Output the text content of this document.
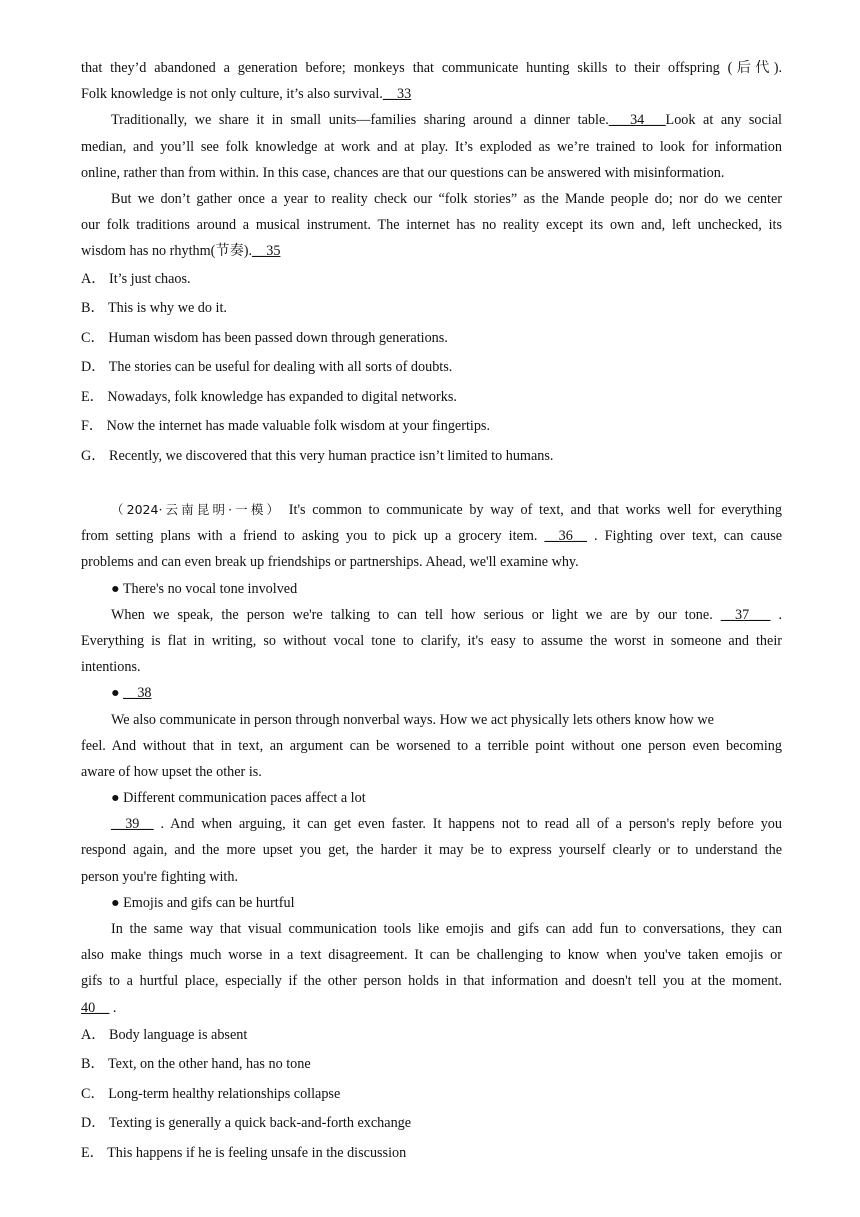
that they’d abandoned a generation before; monkeys that communicate hunting skills to their offspring (后代).
Folk knowledge is not only culture, it’s also survival.__33
Traditionally, we share it in small units—families sharing around a dinner table.___34___Look at any social
median, and you’ll see folk knowledge at work and at play. It’s exploded as we’re trained to look for information
online, rather than from within. In this case, chances are that our questions can be answered with misinformation.
But we don’t gather once a year to reality check our “folk stories” as the Mande people do; nor do we center
our folk traditions around a musical instrument. The internet has no reality except its own and, left unchecked, its
wisdom has no rhythm(节奏).__35
A． It’s just chaos.
B． This is why we do it.
C． Human wisdom has been passed down through generations.
D． The stories can be useful for dealing with all sorts of doubts.
E． Nowadays, folk knowledge has expanded to digital networks.
F． Now the internet has made valuable folk wisdom at your fingertips.
G． Recently, we discovered that this very human practice isn’t limited to humans.
（2024·云南昆明·一模） It's common to communicate by way of text, and that works well for everything
from setting plans with a friend to asking you to pick up a grocery item. __36__ . Fighting over text, can cause
problems and can even break up friendships or partnerships. Ahead, we'll examine why.
● There's no vocal tone involved
When we speak, the person we're talking to can tell how serious or light we are by our tone. __37___ .
Everything is flat in writing, so without vocal tone to clarify, it's easy to assume the worst in someone and their
intentions.
● __38
We also communicate in person through nonverbal ways. How we act physically lets others know how we
feel. And without that in text, an argument can be worsened to a terrible point without one person even becoming
aware of how upset the other is.
● Different communication paces affect a lot
__39__ . And when arguing, it can get even faster. It happens not to read all of a person's reply before you
respond again, and the more upset you get, the harder it may be to express yourself clearly or to understand the
person you're fighting with.
● Emojis and gifs can be hurtful
In the same way that visual communication tools like emojis and gifs can add fun to conversations, they can
also make things much worse in a text disagreement. It can be challenging to know when you've taken emojis or
gifs to a hurtful place, especially if the other person holds in that information and doesn't tell you at the moment.
40__ .
A． Body language is absent
B． Text, on the other hand, has no tone
C． Long-term healthy relationships collapse
D． Texting is generally a quick back-and-forth exchange
E． This happens if he is feeling unsafe in the discussion
